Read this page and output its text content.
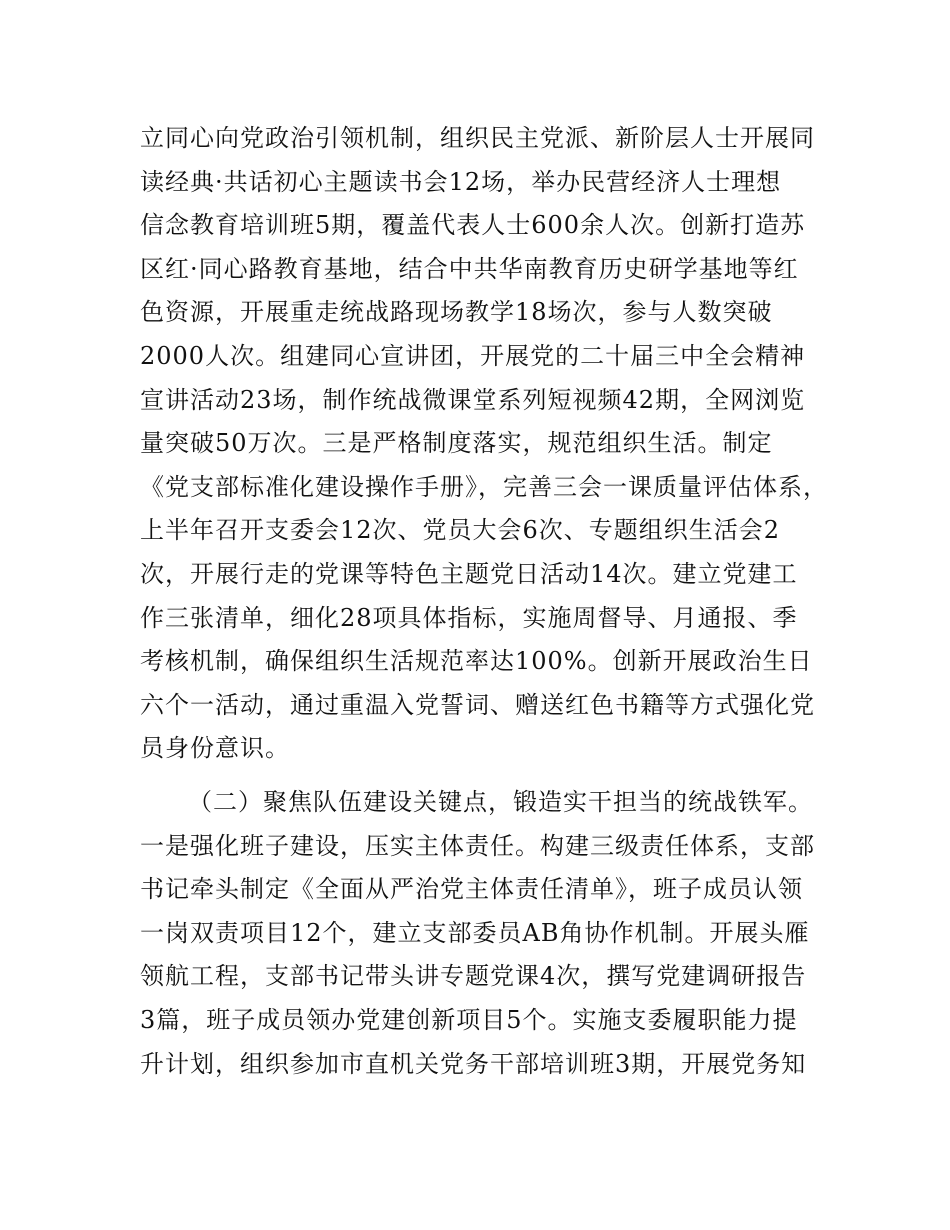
立同心向党政治引领机制，组织民主党派、新阶层人士开展同
读经典·共话初心主题读书会12场，举办民营经济人士理想
信念教育培训班5期，覆盖代表人士600余人次。创新打造苏
区红·同心路教育基地，结合中共华南教育历史研学基地等红
色资源，开展重走统战路现场教学18场次，参与人数突破
2000人次。组建同心宣讲团，开展党的二十届三中全会精神
宣讲活动23场，制作统战微课堂系列短视频42期，全网浏览
量突破50万次。三是严格制度落实，规范组织生活。制定
《党支部标准化建设操作手册》，完善三会一课质量评估体系，
上半年召开支委会12次、党员大会6次、专题组织生活会2
次，开展行走的党课等特色主题党日活动14次。建立党建工
作三张清单，细化28项具体指标，实施周督导、月通报、季
考核机制，确保组织生活规范率达100%。创新开展政治生日
六个一活动，通过重温入党誓词、赠送红色书籍等方式强化党
员身份意识。
（二）聚焦队伍建设关键点，锻造实干担当的统战铁军。
一是强化班子建设，压实主体责任。构建三级责任体系，支部
书记牵头制定《全面从严治党主体责任清单》，班子成员认领
一岗双责项目12个，建立支部委员AB角协作机制。开展头雁
领航工程，支部书记带头讲专题党课4次，撰写党建调研报告
3篇，班子成员领办党建创新项目5个。实施支委履职能力提
升计划，组织参加市直机关党务干部培训班3期，开展党务知
